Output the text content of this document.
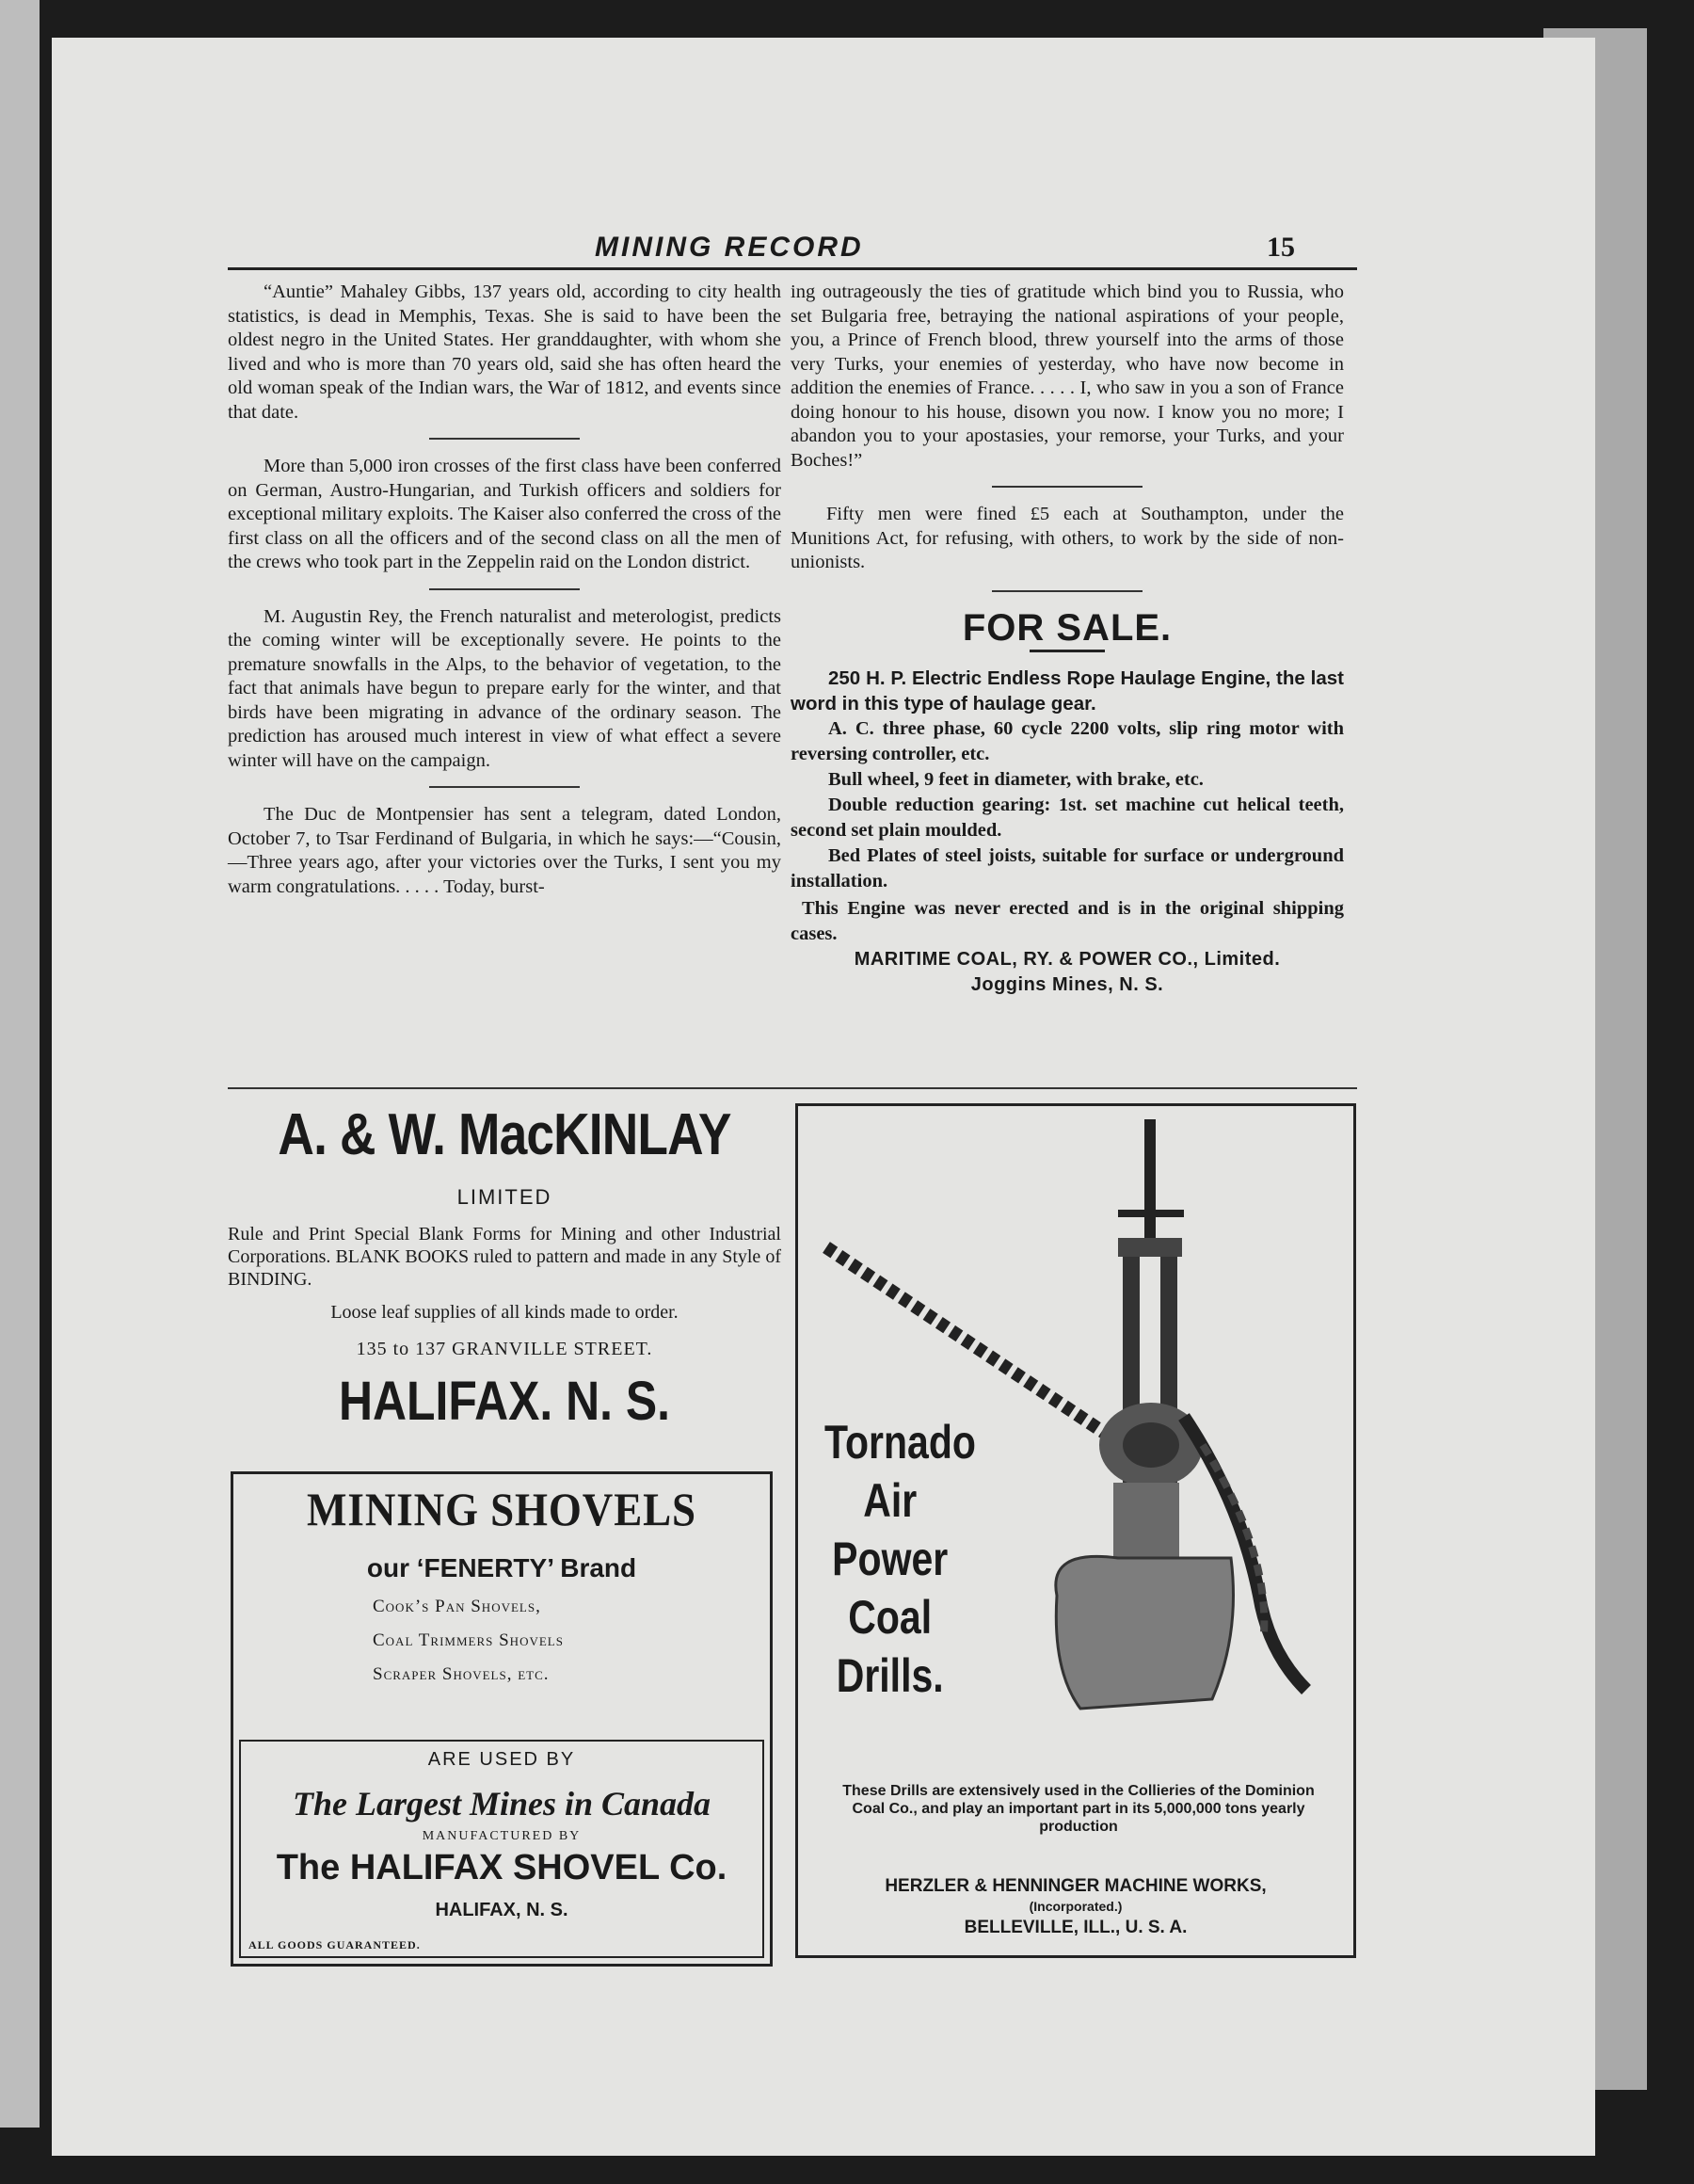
MINING RECORD	15

“Auntie” Mahaley Gibbs, 137 years old, according to city health statistics, is dead in Memphis, Texas. She is said to have been the oldest negro in the United States. Her granddaughter, with whom she lived and who is more than 70 years old, said she has often heard the old woman speak of the Indian wars, the War of 1812, and events since that date.

More than 5,000 iron crosses of the first class have been conferred on German, Austro-Hungarian, and Turkish officers and soldiers for exceptional military exploits. The Kaiser also conferred the cross of the first class on all the officers and of the second class on all the men of the crews who took part in the Zeppelin raid on the London district.

M. Augustin Rey, the French naturalist and meterologist, predicts the coming winter will be exceptionally severe. He points to the premature snowfalls in the Alps, to the behavior of vegetation, to the fact that animals have begun to prepare early for the winter, and that birds have been migrating in advance of the ordinary season. The prediction has aroused much interest in view of what effect a severe winter will have on the campaign.

The Duc de Montpensier has sent a telegram, dated London, October 7, to Tsar Ferdinand of Bulgaria, in which he says:—“Cousin,—Three years ago, after your victories over the Turks, I sent you my warm congratulations. . . . . Today, burst-

ing outrageously the ties of gratitude which bind you to Russia, who set Bulgaria free, betraying the national aspirations of your people, you, a Prince of French blood, threw yourself into the arms of those very Turks, your enemies of yesterday, who have now become in addition the enemies of France. . . . . I, who saw in you a son of France doing honour to his house, disown you now. I know you no more; I abandon you to your apostasies, your remorse, your Turks, and your Boches!”

Fifty men were fined £5 each at Southampton, under the Munitions Act, for refusing, with others, to work by the side of non-unionists.

FOR SALE.

250 H. P. Electric Endless Rope Haulage Engine, the last word in this type of haulage gear.

A. C. three phase, 60 cycle 2200 volts, slip ring motor with reversing controller, etc.

Bull wheel, 9 feet in diameter, with brake, etc.

Double reduction gearing: 1st. set machine cut helical teeth, second set plain moulded.

Bed Plates of steel joists, suitable for surface or underground installation.

This Engine was never erected and is in the original shipping cases.

MARITIME COAL, RY. & POWER CO., Limited.
Joggins Mines, N. S.
A. & W. MacKINLAY
LIMITED
Rule and Print Special Blank Forms for Mining and other Industrial Corporations. BLANK BOOKS ruled to pattern and made in any Style of BINDING.
Loose leaf supplies of all kinds made to order.
135 to 137 GRANVILLE STREET.
HALIFAX. N. S.
MINING SHOVELS
our ‘FENERTY’ Brand
Cook’s Pan Shovels,
Coal Trimmers Shovels
Scraper Shovels, etc.
ARE USED BY
The Largest Mines in Canada
MANUFACTURED BY
The HALIFAX SHOVEL Co.
HALIFAX, N. S.
ALL GOODS GUARANTEED.
Tornado
Air
Power
Coal
Drills.
These Drills are extensively used in the Collieries of the Dominion Coal Co., and play an important part in its 5,000,000 tons yearly production
HERZLER & HENNINGER MACHINE WORKS,
(Incorporated.)
BELLEVILLE, ILL., U. S. A.
